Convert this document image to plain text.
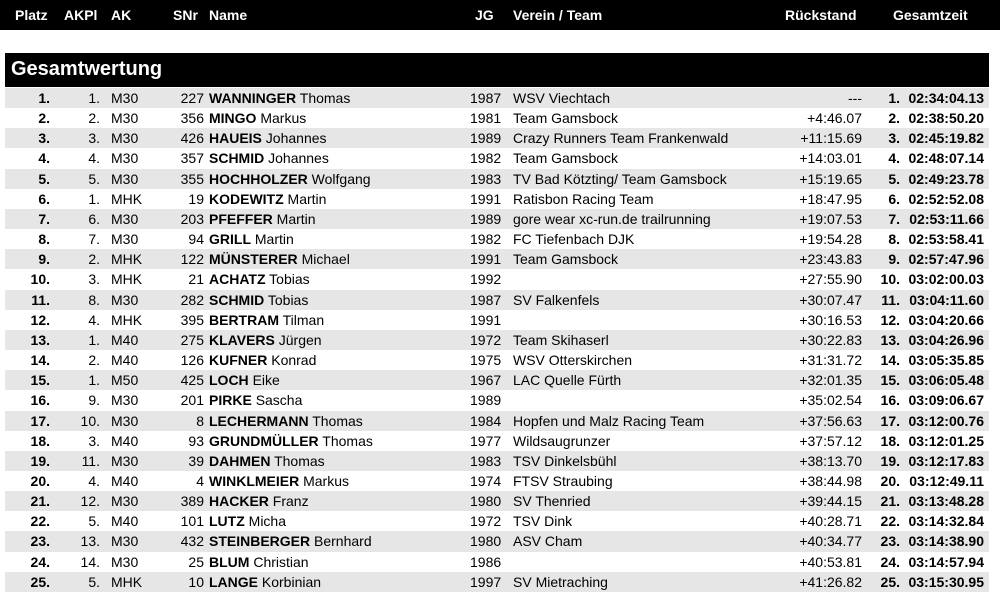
Platz AKPl AK	SNr Name	JG Verein / Team	Rückstand	Gesamtzeit
Gesamtwertung
1.	1. M30	227 WANNINGER Thomas	1987 WSV Viechtach	---	1. 02:34:04.13
2.	2. M30	356 MINGO Markus	1981 Team Gamsbock	+4:46.07	2. 02:38:50.20
3.	3. M30	426 HAUEIS Johannes	1989 Crazy Runners Team Frankenwald	+11:15.69	3. 02:45:19.82
4.	4. M30	357 SCHMID Johannes	1982 Team Gamsbock	+14:03.01	4. 02:48:07.14
5.	5. M30	355 HOCHHOLZER Wolfgang	1983 TV Bad Kötzting/ Team Gamsbock	+15:19.65	5. 02:49:23.78
6.	1. MHK	19 KODEWITZ Martin	1991 Ratisbon Racing Team	+18:47.95	6. 02:52:52.08
7.	6. M30	203 PFEFFER Martin	1989 gore wear xc-run.de trailrunning	+19:07.53	7. 02:53:11.66
8.	7. M30	94 GRILL Martin	1982 FC Tiefenbach DJK	+19:54.28	8. 02:53:58.41
9.	2. MHK	122 MÜNSTERER Michael	1991 Team Gamsbock	+23:43.83	9. 02:57:47.96
10.	3. MHK	21 ACHATZ Tobias	1992	+27:55.90	10. 03:02:00.03
11.	8. M30	282 SCHMID Tobias	1987 SV Falkenfels	+30:07.47	11. 03:04:11.60
12.	4. MHK	395 BERTRAM Tilman	1991	+30:16.53	12. 03:04:20.66
13.	1. M40	275 KLAVERS Jürgen	1972 Team Skihaserl	+30:22.83	13. 03:04:26.96
14.	2. M40	126 KUFNER Konrad	1975 WSV Otterskirchen	+31:31.72	14. 03:05:35.85
15.	1. M50	425 LOCH Eike	1967 LAC Quelle Fürth	+32:01.35	15. 03:06:05.48
16.	9. M30	201 PIRKE Sascha	1989	+35:02.54	16. 03:09:06.67
17.	10. M30	8 LECHERMANN Thomas	1984 Hopfen und Malz Racing Team	+37:56.63	17. 03:12:00.76
18.	3. M40	93 GRUNDMÜLLER Thomas	1977 Wildsaugrunzer	+37:57.12	18. 03:12:01.25
19.	11. M30	39 DAHMEN Thomas	1983 TSV Dinkelsbühl	+38:13.70	19. 03:12:17.83
20.	4. M40	4 WINKLMEIER Markus	1974 FTSV Straubing	+38:44.98	20. 03:12:49.11
21.	12. M30	389 HACKER Franz	1980 SV Thenried	+39:44.15	21. 03:13:48.28
22.	5. M40	101 LUTZ Micha	1972 TSV Dink	+40:28.71	22. 03:14:32.84
23.	13. M30	432 STEINBERGER Bernhard	1980 ASV Cham	+40:34.77	23. 03:14:38.90
24.	14. M30	25 BLUM Christian	1986	+40:53.81	24. 03:14:57.94
25.	5. MHK	10 LANGE Korbinian	1997 SV Mietraching	+41:26.82	25. 03:15:30.95
